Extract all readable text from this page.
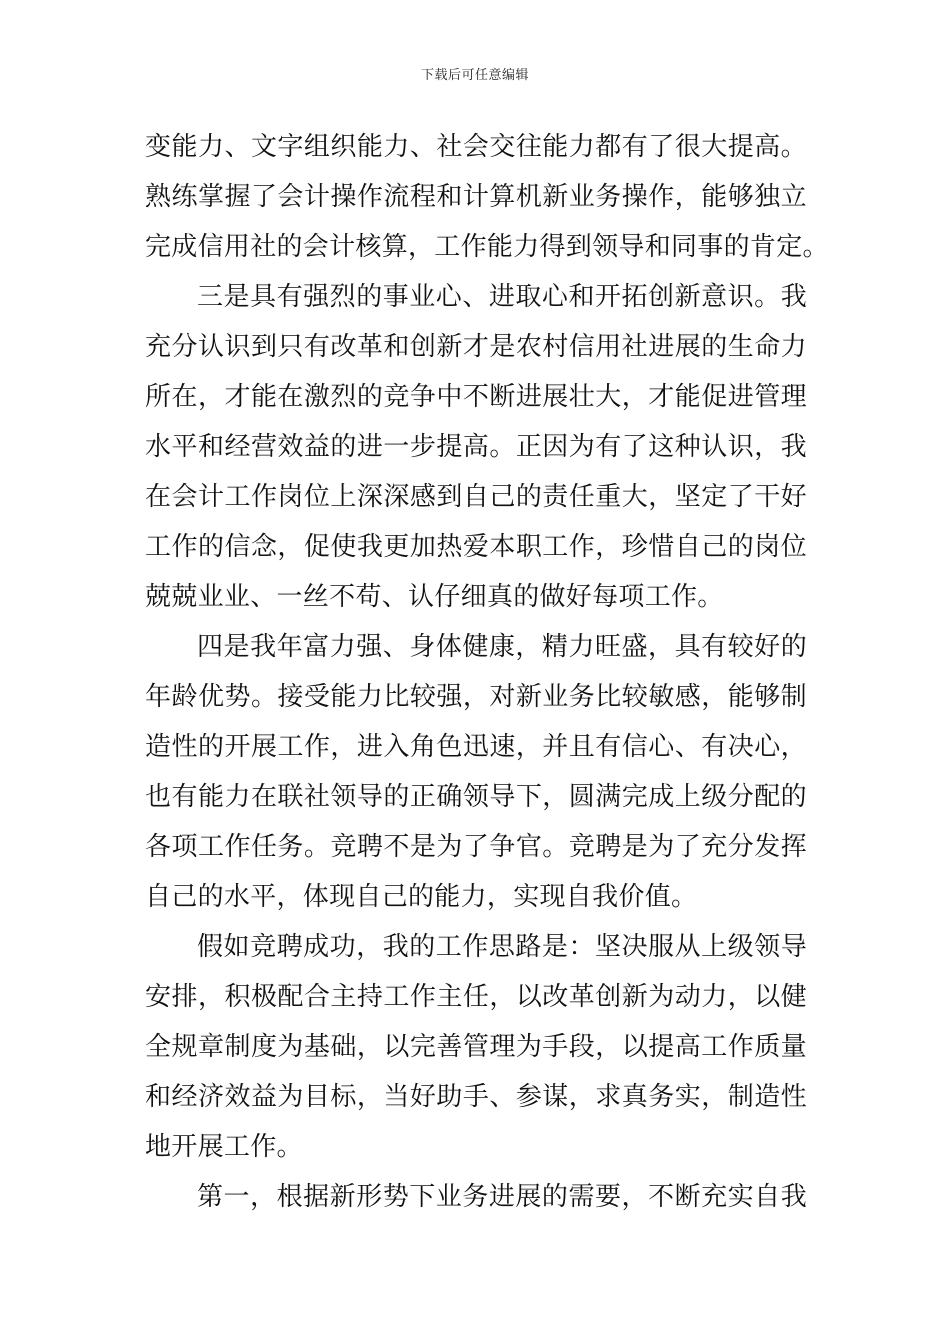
下载后可任意编辑
变能力、文字组织能力、社会交往能力都有了很大提高。
熟练掌握了会计操作流程和计算机新业务操作，能够独立
完成信用社的会计核算，工作能力得到领导和同事的肯定。
三是具有强烈的事业心、进取心和开拓创新意识。我
充分认识到只有改革和创新才是农村信用社进展的生命力
所在，才能在激烈的竞争中不断进展壮大，才能促进管理
水平和经营效益的进一步提高。正因为有了这种认识，我
在会计工作岗位上深深感到自己的责任重大，坚定了干好
工作的信念，促使我更加热爱本职工作，珍惜自己的岗位
兢兢业业、一丝不苟、认仔细真的做好每项工作。
四是我年富力强、身体健康，精力旺盛，具有较好的
年龄优势。接受能力比较强，对新业务比较敏感，能够制
造性的开展工作，进入角色迅速，并且有信心、有决心，
也有能力在联社领导的正确领导下，圆满完成上级分配的
各项工作任务。竞聘不是为了争官。竞聘是为了充分发挥
自己的水平，体现自己的能力，实现自我价值。
假如竞聘成功，我的工作思路是：坚决服从上级领导
安排，积极配合主持工作主任，以改革创新为动力，以健
全规章制度为基础，以完善管理为手段，以提高工作质量
和经济效益为目标，当好助手、参谋，求真务实，制造性
地开展工作。
第一，根据新形势下业务进展的需要，不断充实自我
